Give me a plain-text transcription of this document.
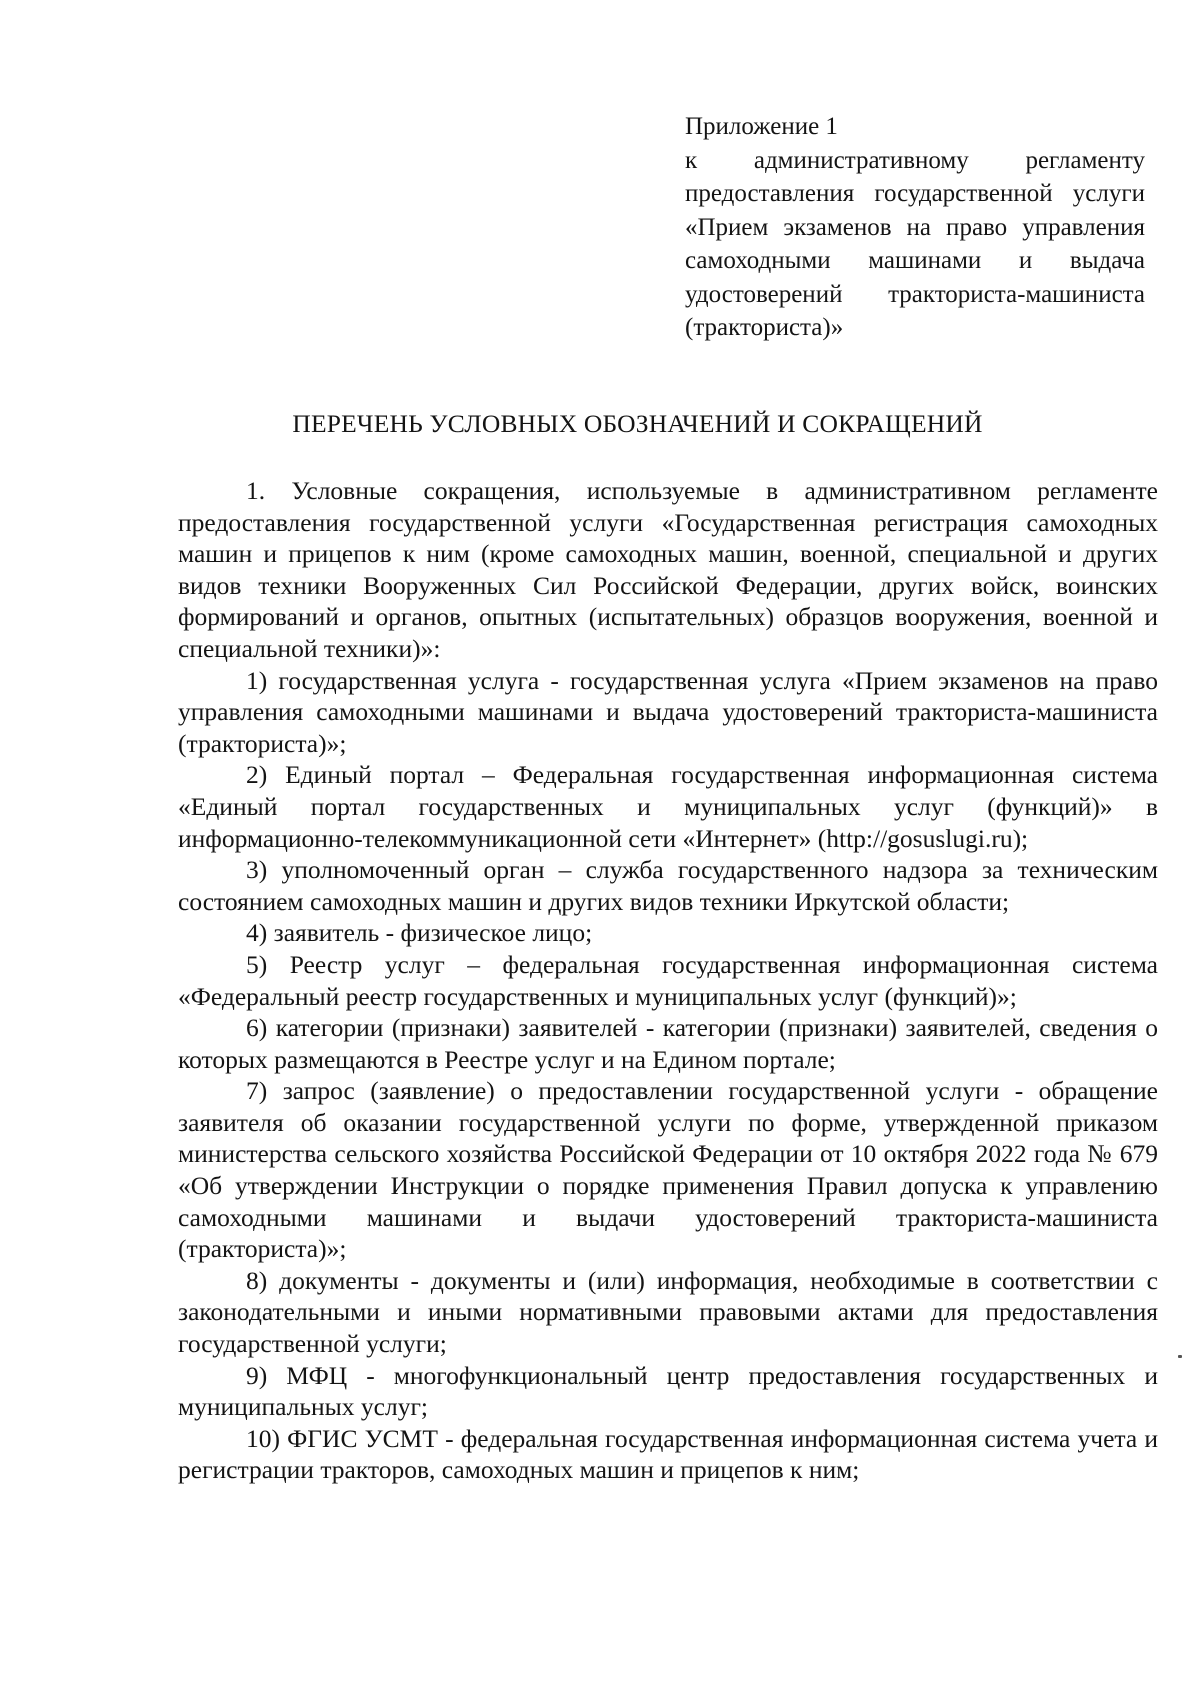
Приложение 1
к административному регламенту предоставления государственной услуги «Прием экзаменов на право управления самоходными машинами и выдача удостоверений тракториста-машиниста (тракториста)»
ПЕРЕЧЕНЬ УСЛОВНЫХ ОБОЗНАЧЕНИЙ И СОКРАЩЕНИЙ

1. Условные сокращения, используемые в административном регламенте предоставления государственной услуги «Государственная регистрация самоходных машин и прицепов к ним (кроме самоходных машин, военной, специальной и других видов техники Вооруженных Сил Российской Федерации, других войск, воинских формирований и органов, опытных (испытательных) образцов вооружения, военной и специальной техники)»:

1) государственная услуга - государственная услуга «Прием экзаменов на право управления самоходными машинами и выдача удостоверений тракториста-машиниста (тракториста)»;

2) Единый портал – Федеральная государственная информационная система «Единый портал государственных и муниципальных услуг (функций)» в информационно-телекоммуникационной сети «Интернет» (http://gosuslugi.ru);

3) уполномоченный орган – служба государственного надзора за техническим состоянием самоходных машин и других видов техники Иркутской области;

4) заявитель - физическое лицо;

5) Реестр услуг – федеральная государственная информационная система «Федеральный реестр государственных и муниципальных услуг (функций)»;

6) категории (признаки) заявителей - категории (признаки) заявителей, сведения о которых размещаются в Реестре услуг и на Едином портале;

7) запрос (заявление) о предоставлении государственной услуги - обращение заявителя об оказании государственной услуги по форме, утвержденной приказом министерства сельского хозяйства Российской Федерации от 10 октября 2022 года № 679 «Об утверждении Инструкции о порядке применения Правил допуска к управлению самоходными машинами и выдачи удостоверений тракториста-машиниста (тракториста)»;

8) документы - документы и (или) информация, необходимые в соответствии с законодательными и иными нормативными правовыми актами для предоставления государственной услуги;

9) МФЦ - многофункциональный центр предоставления государственных и муниципальных услуг;

10) ФГИС УСМТ - федеральная государственная информационная система учета и регистрации тракторов, самоходных машин и прицепов к ним;
